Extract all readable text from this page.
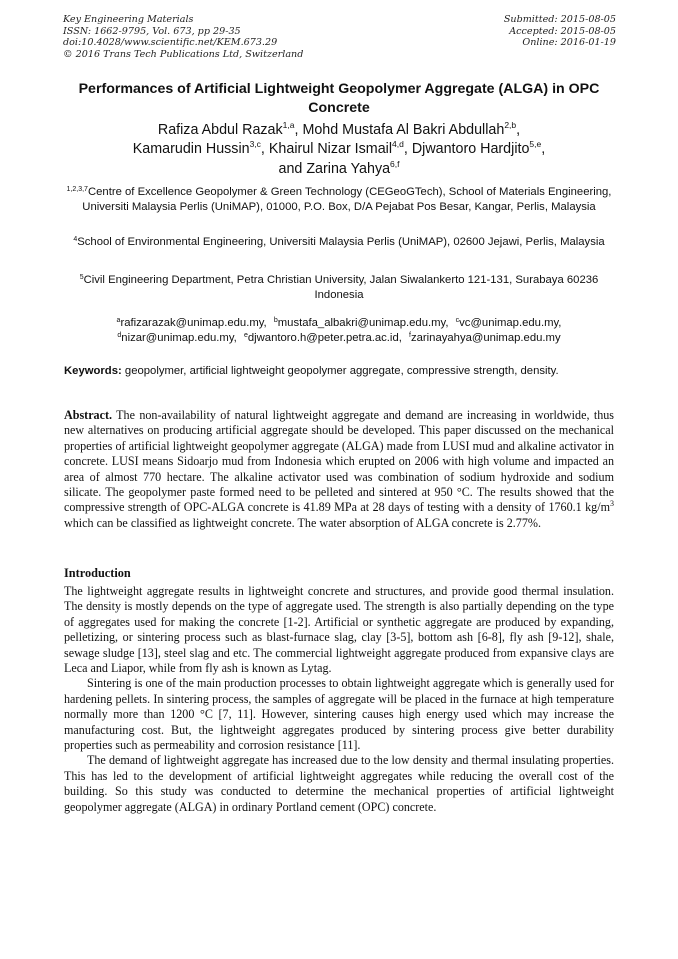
Key Engineering Materials
ISSN: 1662-9795, Vol. 673, pp 29-35
doi:10.4028/www.scientific.net/KEM.673.29
© 2016 Trans Tech Publications Ltd, Switzerland
Submitted: 2015-08-05
Accepted: 2015-08-05
Online: 2016-01-19
Performances of Artificial Lightweight Geopolymer Aggregate (ALGA) in OPC Concrete
Rafiza Abdul Razak$^{1,a}$, Mohd Mustafa Al Bakri Abdullah$^{2,b}$,
Kamarudin Hussin$^{3,c}$, Khairul Nizar Ismail$^{4,d}$, Djwantoro Hardjito$^{5,e}$,
and Zarina Yahya$^{6,f}$
$^{1,2,3,7}$Centre of Excellence Geopolymer & Green Technology (CEGeoGTech), School of Materials Engineering, Universiti Malaysia Perlis (UniMAP), 01000, P.O. Box, D/A Pejabat Pos Besar, Kangar, Perlis, Malaysia
$^4$School of Environmental Engineering, Universiti Malaysia Perlis (UniMAP), 02600 Jejawi, Perlis, Malaysia
$^5$Civil Engineering Department, Petra Christian University, Jalan Siwalankerto 121-131, Surabaya 60236 Indonesia
$^a$rafizarazak@unimap.edu.my, $^b$mustafa_albakri@unimap.edu.my, $^c$vc@unimap.edu.my,
$^d$nizar@unimap.edu.my, $^e$djwantoro.h@peter.petra.ac.id, $^f$zarinayahya@unimap.edu.my
Keywords: geopolymer, artificial lightweight geopolymer aggregate, compressive strength, density.
Abstract. The non-availability of natural lightweight aggregate and demand are increasing in worldwide, thus new alternatives on producing artificial aggregate should be developed. This paper discussed on the mechanical properties of artificial lightweight geopolymer aggregate (ALGA) made from LUSI mud and alkaline activator in concrete. LUSI means Sidoarjo mud from Indonesia which erupted on 2006 with high volume and impacted an area of almost 770 hectare. The alkaline activator used was combination of sodium hydroxide and sodium silicate. The geopolymer paste formed need to be pelleted and sintered at 950 °C. The results showed that the compressive strength of OPC-ALGA concrete is 41.89 MPa at 28 days of testing with a density of 1760.1 $kg/m^3$ which can be classified as lightweight concrete. The water absorption of ALGA concrete is 2.77%.
Introduction

The lightweight aggregate results in lightweight concrete and structures, and provide good thermal insulation. The density is mostly depends on the type of aggregate used. The strength is also partially depending on the type of aggregates used for making the concrete [1-2]. Artificial or synthetic aggregate are produced by expanding, pelletizing, or sintering process such as blast-furnace slag, clay [3-5], bottom ash [6-8], fly ash [9-12], shale, sewage sludge [13], steel slag and etc. The commercial lightweight aggregate produced from expansive clays are Leca and Liapor, while from fly ash is known as Lytag.

Sintering is one of the main production processes to obtain lightweight aggregate which is generally used for hardening pellets. In sintering process, the samples of aggregate will be placed in the furnace at high temperature normally more than 1200 °C [7, 11]. However, sintering causes high energy used which may increase the manufacturing cost. But, the lightweight aggregates produced by sintering process give better durability properties such as permeability and corrosion resistance [11].

The demand of lightweight aggregate has increased due to the low density and thermal insulating properties. This has led to the development of artificial lightweight aggregates while reducing the overall cost of the building. So this study was conducted to determine the mechanical properties of artificial lightweight geopolymer aggregate (ALGA) in ordinary Portland cement (OPC) concrete.
